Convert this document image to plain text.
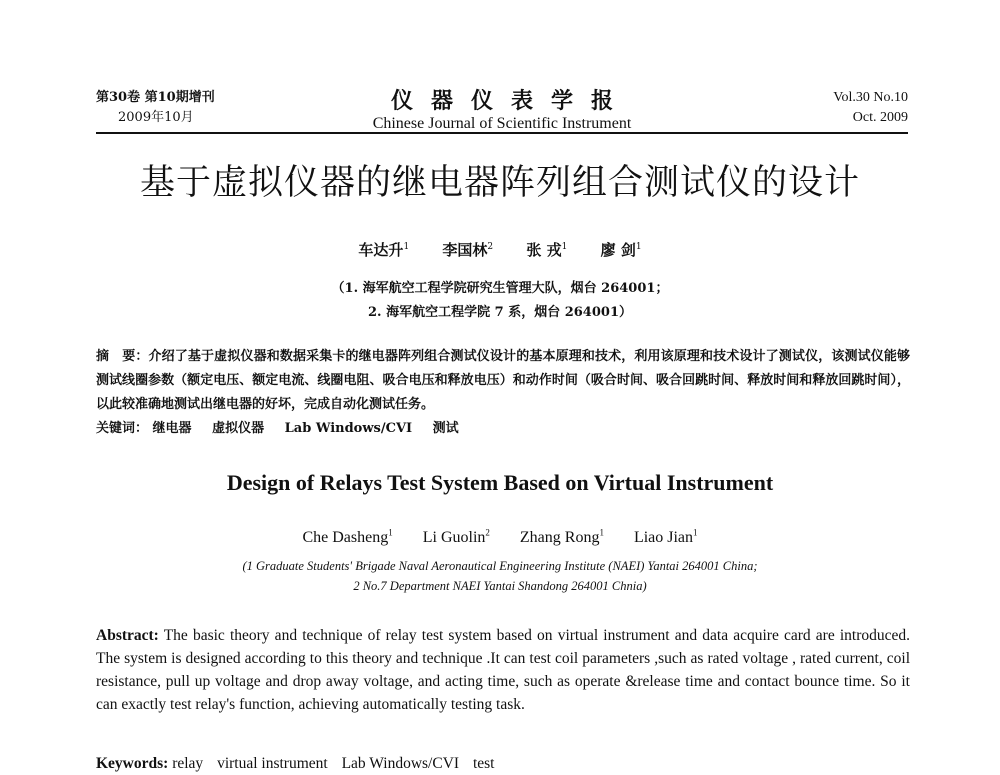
第30卷 第10期增刊
2009年10月
仪器仪表学报
Chinese Journal of Scientific Instrument
Vol.30 No.10
Oct. 2009
基于虚拟仪器的继电器阵列组合测试仪的设计
车达升$^1$ 李国林$^2$ 张 戎$^1$ 廖 剑$^1$
（1. 海军航空工程学院研究生管理大队，烟台 264001；
2. 海军航空工程学院 7 系，烟台 264001）
摘　要：介绍了基于虚拟仪器和数据采集卡的继电器阵列组合测试仪设计的基本原理和技术，利用该原理和技术设计了测试仪，该测试仪能够测试线圈参数（额定电压、额定电流、线圈电阻、吸合电压和释放电压）和动作时间（吸合时间、吸合回跳时间、释放时间和释放回跳时间），以此较准确地测试出继电器的好坏，完成自动化测试任务。
关键词： 继电器 虚拟仪器 Lab Windows/CVI 测试
Design of Relays Test System Based on Virtual Instrument
Che Dasheng$^1$ Li Guolin$^2$ Zhang Rong$^1$ Liao Jian$^1$
(1 Graduate Students' Brigade Naval Aeronautical Engineering Institute (NAEI) Yantai 264001 China;
2 No.7 Department NAEI Yantai Shandong 264001 Chnia)
Abstract: The basic theory and technique of relay test system based on virtual instrument and data acquire card are introduced. The system is designed according to this theory and technique .It can test coil parameters ,such as rated voltage , rated current, coil resistance, pull up voltage and drop away voltage, and acting time, such as operate &release time and contact bounce time. So it can exactly test relay's function, achieving automatically testing task.
Keywords: relay virtual instrument Lab Windows/CVI test
